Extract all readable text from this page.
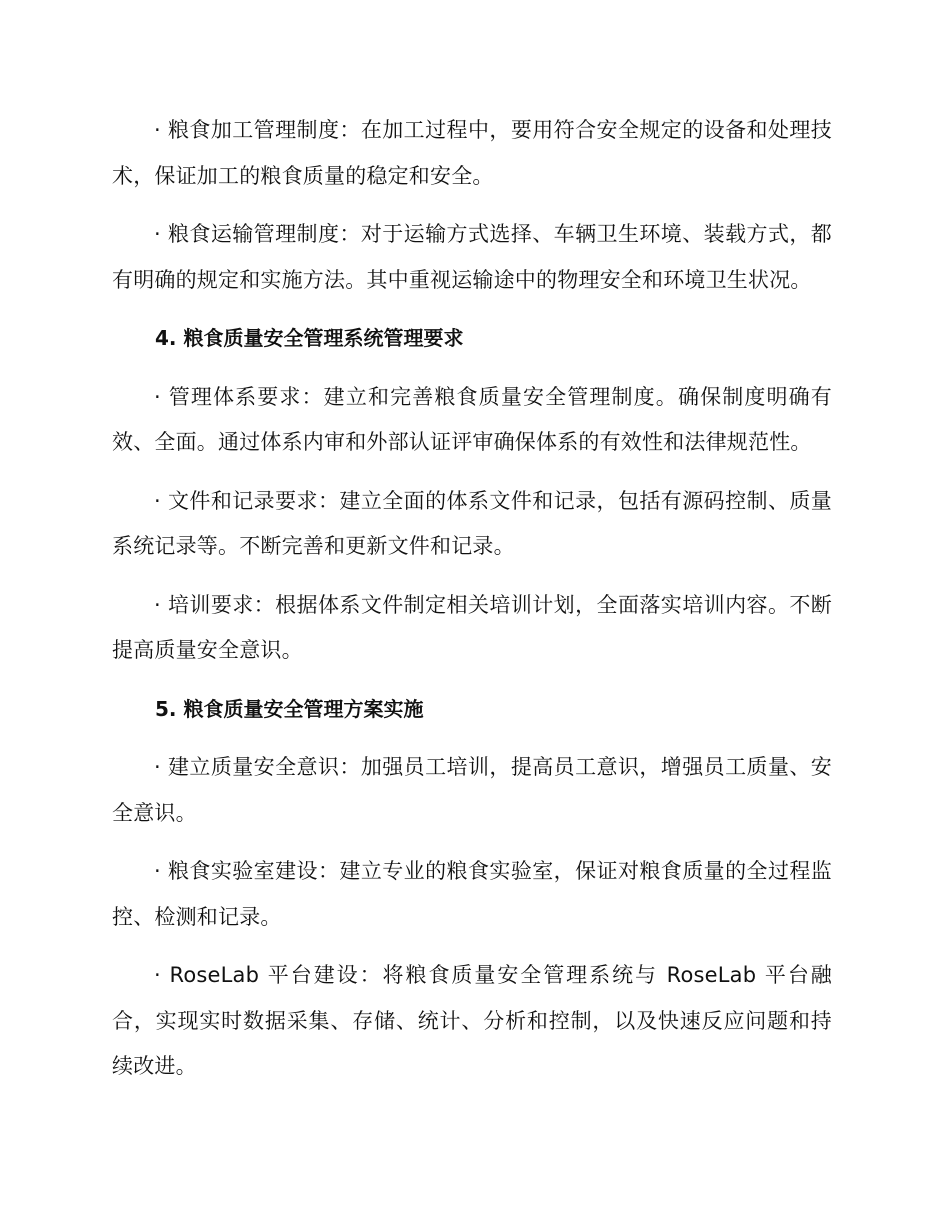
· 粮食加工管理制度：在加工过程中，要用符合安全规定的设备和处理技术，保证加工的粮食质量的稳定和安全。

· 粮食运输管理制度：对于运输方式选择、车辆卫生环境、装载方式，都有明确的规定和实施方法。其中重视运输途中的物理安全和环境卫生状况。

4. 粮食质量安全管理系统管理要求

· 管理体系要求：建立和完善粮食质量安全管理制度。确保制度明确有效、全面。通过体系内审和外部认证评审确保体系的有效性和法律规范性。

· 文件和记录要求：建立全面的体系文件和记录，包括有源码控制、质量系统记录等。不断完善和更新文件和记录。

· 培训要求：根据体系文件制定相关培训计划，全面落实培训内容。不断提高质量安全意识。

5. 粮食质量安全管理方案实施

· 建立质量安全意识：加强员工培训，提高员工意识，增强员工质量、安全意识。

· 粮食实验室建设：建立专业的粮食实验室，保证对粮食质量的全过程监控、检测和记录。

· RoseLab 平台建设：将粮食质量安全管理系统与 RoseLab 平台融合，实现实时数据采集、存储、统计、分析和控制，以及快速反应问题和持续改进。
